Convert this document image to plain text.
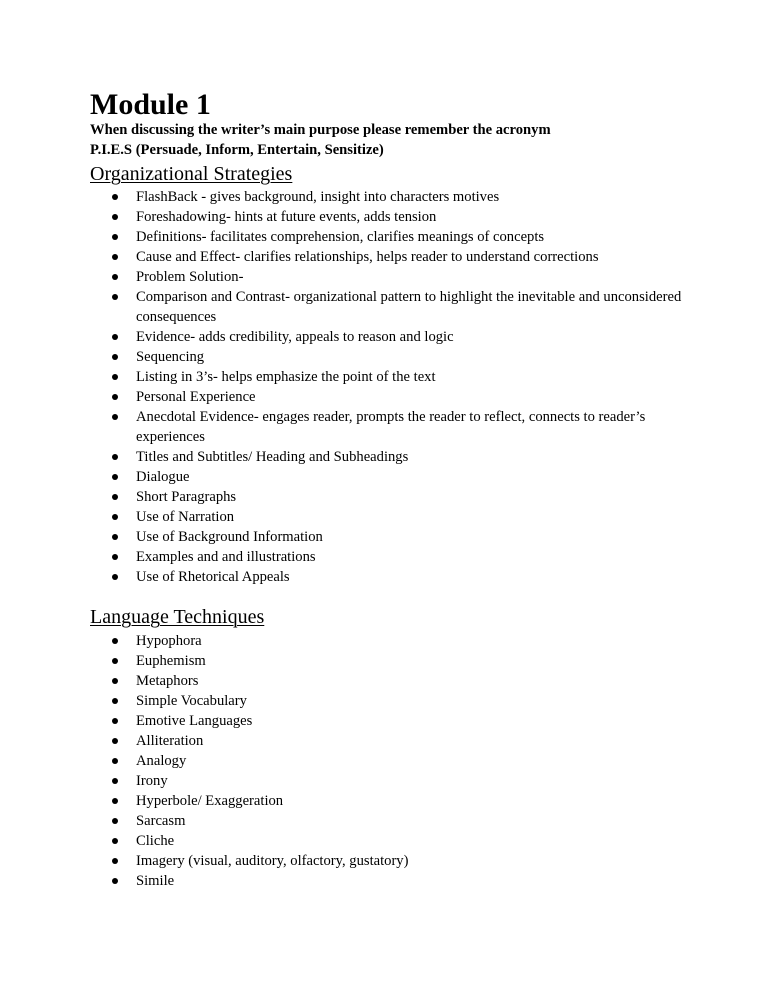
Module 1
When discussing the writer’s main purpose please remember the acronym
P.I.E.S (Persuade, Inform, Entertain, Sensitize)
Organizational Strategies
FlashBack - gives background, insight into characters motives
Foreshadowing- hints at future events, adds tension
Definitions- facilitates comprehension, clarifies meanings of concepts
Cause and Effect- clarifies relationships, helps reader to understand corrections
Problem Solution-
Comparison and Contrast- organizational pattern to highlight the inevitable and unconsidered consequences
Evidence- adds credibility, appeals to reason and logic
Sequencing
Listing in 3’s- helps emphasize the point of the text
Personal Experience
Anecdotal Evidence- engages reader, prompts the reader to reflect, connects to reader’s experiences
Titles and Subtitles/ Heading and Subheadings
Dialogue
Short Paragraphs
Use of Narration
Use of Background Information
Examples and and illustrations
Use of Rhetorical Appeals
Language Techniques
Hypophora
Euphemism
Metaphors
Simple Vocabulary
Emotive Languages
Alliteration
Analogy
Irony
Hyperbole/ Exaggeration
Sarcasm
Cliche
Imagery (visual, auditory, olfactory, gustatory)
Simile
